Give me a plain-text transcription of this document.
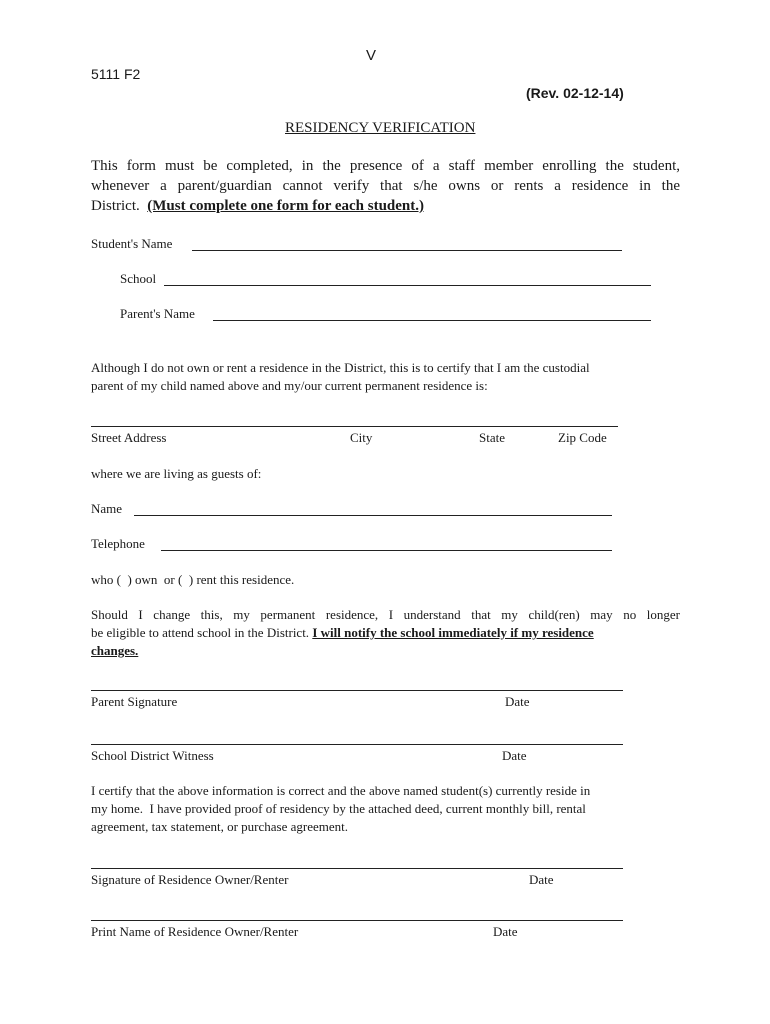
V
5111 F2
(Rev. 02-12-14)
RESIDENCY VERIFICATION
This form must be completed, in the presence of a staff member enrolling the student,
whenever a parent/guardian cannot verify that s/he owns or rents a residence in the
District. (Must complete one form for each student.)
Student's Name
School
Parent's Name
Although I do not own or rent a residence in the District, this is to certify that I am the custodial
parent of my child named above and my/our current permanent residence is:
Street Address	City	State	Zip Code
where we are living as guests of:
Name
Telephone
who ( ) own  or ( ) rent this residence.
Should I change this, my permanent residence, I understand that my child(ren) may no longer
be eligible to attend school in the District. I will notify the school immediately if my residence
changes.
Parent Signature	Date
School District Witness	Date
I certify that the above information is correct and the above named student(s) currently reside in
my home.  I have provided proof of residency by the attached deed, current monthly bill, rental
agreement, tax statement, or purchase agreement.
Signature of Residence Owner/Renter	Date
Print Name of Residence Owner/Renter	Date
